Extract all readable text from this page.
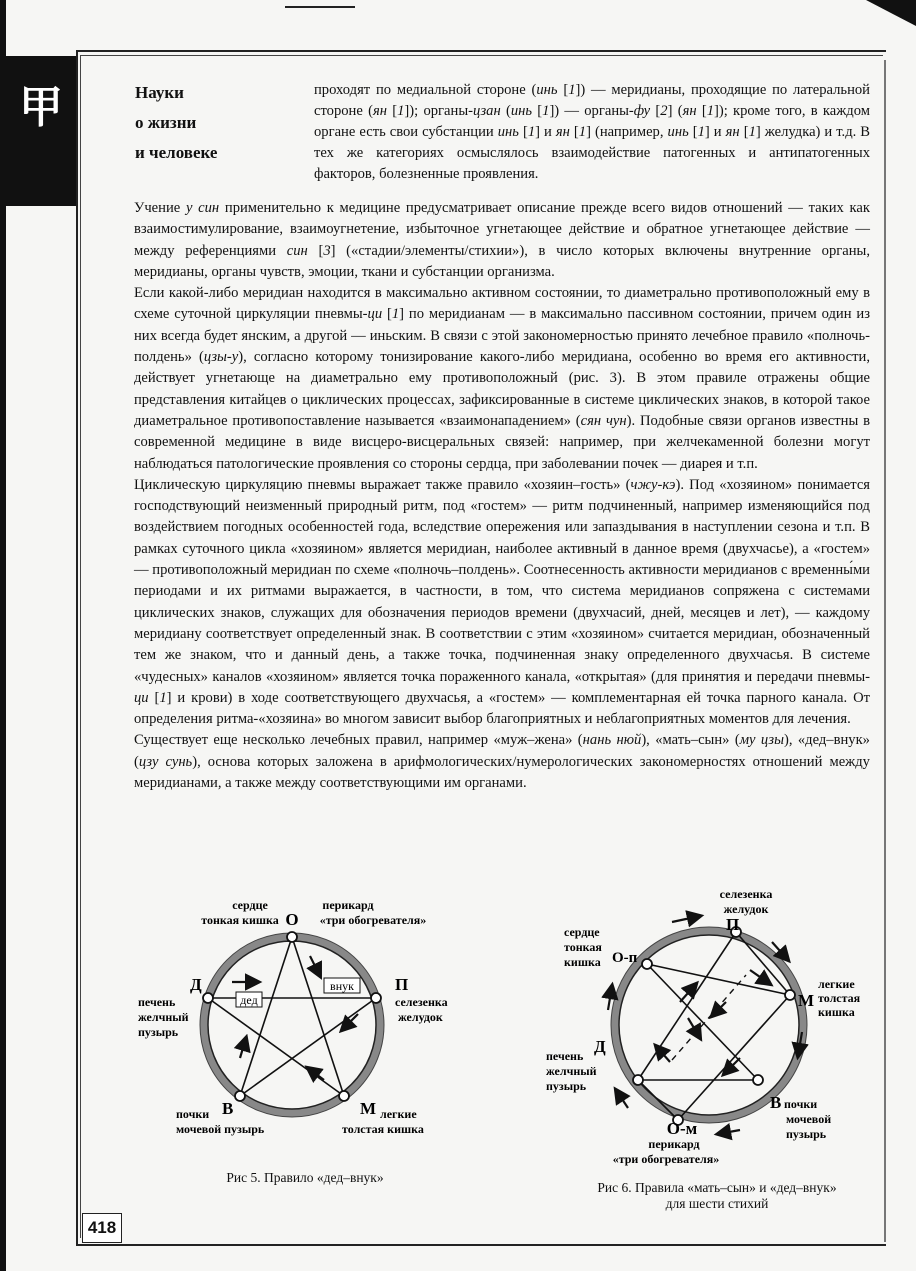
甲	Науки
о жизни
и человеке
проходят по медиальной стороне (инь [1]) — меридианы, проходящие по латеральной стороне (ян [1]); органы-цзан (инь [1]) — органы-фу [2] (ян [1]); кроме того, в каждом органе есть свои субстанции инь [1] и ян [1] (например, инь [1] и ян [1] желудка) и т.д. В тех же категориях осмыслялось взаимодействие патогенных и антипатогенных факторов, болезненные проявления.

Учение у син применительно к медицине предусматривает описание прежде всего видов отношений — таких как взаимостимулирование, взаимоугнетение, избыточное угнетающее действие и обратное угнетающее действие — между референциями син [3] («стадии/элементы/стихии»), в число которых включены внутренние органы, меридианы, органы чувств, эмоции, ткани и субстанции организма.

Если какой-либо меридиан находится в максимально активном состоянии, то диаметрально противоположный ему в схеме суточной циркуляции пневмы-ци [1] по меридианам — в максимально пассивном состоянии, причем один из них всегда будет янским, а другой — иньским. В связи с этой закономерностью принято лечебное правило «полночь-полдень» (цзы-у), согласно которому тонизирование какого-либо меридиана, особенно во время его активности, действует угнетающе на диаметрально ему противоположный (рис. 3). В этом правиле отражены общие представления китайцев о циклических процессах, зафиксированные в системе циклических знаков, в которой такое диаметральное противопоставление называется «взаимонападением» (сян чун). Подобные связи органов известны в современной медицине в виде висцеро-висцеральных связей: например, при желчекаменной болезни могут наблюдаться патологические проявления со стороны сердца, при заболевании почек — диарея и т.п.

Циклическую циркуляцию пневмы выражает также правило «хозяин–гость» (чжу-кэ). Под «хозяином» понимается господствующий неизменный природный ритм, под «гостем» — ритм подчиненный, например изменяющийся под воздействием погодных особенностей года, вследствие опережения или запаздывания в наступлении сезона и т.п. В рамках суточного цикла «хозяином» является меридиан, наиболее активный в данное время (двухчасье), а «гостем» — противоположный меридиан по схеме «полночь–полдень». Соотнесенность активности меридианов с временны́ми периодами и их ритмами выражается, в частности, в том, что система меридианов сопряжена с системами циклических знаков, служащих для обозначения периодов времени (двухчасий, дней, месяцев и лет), — каждому меридиану соответствует определенный знак. В соответствии с этим «хозяином» считается меридиан, обозначенный тем же знаком, что и данный день, а также точка, подчиненная знаку определенного двухчасья. В системе «чудесных» каналов «хозяином» является точка пораженного канала, «открытая» (для принятия и передачи пневмы-ци [1] и крови) в ходе соответствующего двухчасья, а «гостем» — комплементарная ей точка парного канала. От определения ритма-«хозяина» во многом зависит выбор благоприятных и неблагоприятных моментов для лечения.

Существует еще несколько лечебных правил, например «муж–жена» (нань нюй), «мать–сын» (му цзы), «дед–внук» (цзу сунь), основа которых заложена в арифмологических/нумерологических закономерностях отношений между меридианами, а также между соответствующими им органами.

дед
внук
О
сердце
тонкая кишка
перикард
«три обогревателя»
П
селезенка
желудок
Д
печень
желчный
пузырь
М легкие
толстая кишка
В
почки
мочевой пузырь
Рис 5. Правило «дед–внук»
селезенка
желудок
П
М
легкие
толстая
кишка
В почки
мочевой
пузырь
О-м
перикард
«три обогревателя»
Д
печень
желчный
пузырь
сердце
тонкая
кишка О-п
Рис 6. Правила «мать–сын» и «дед–внук»
для шести стихий
418
